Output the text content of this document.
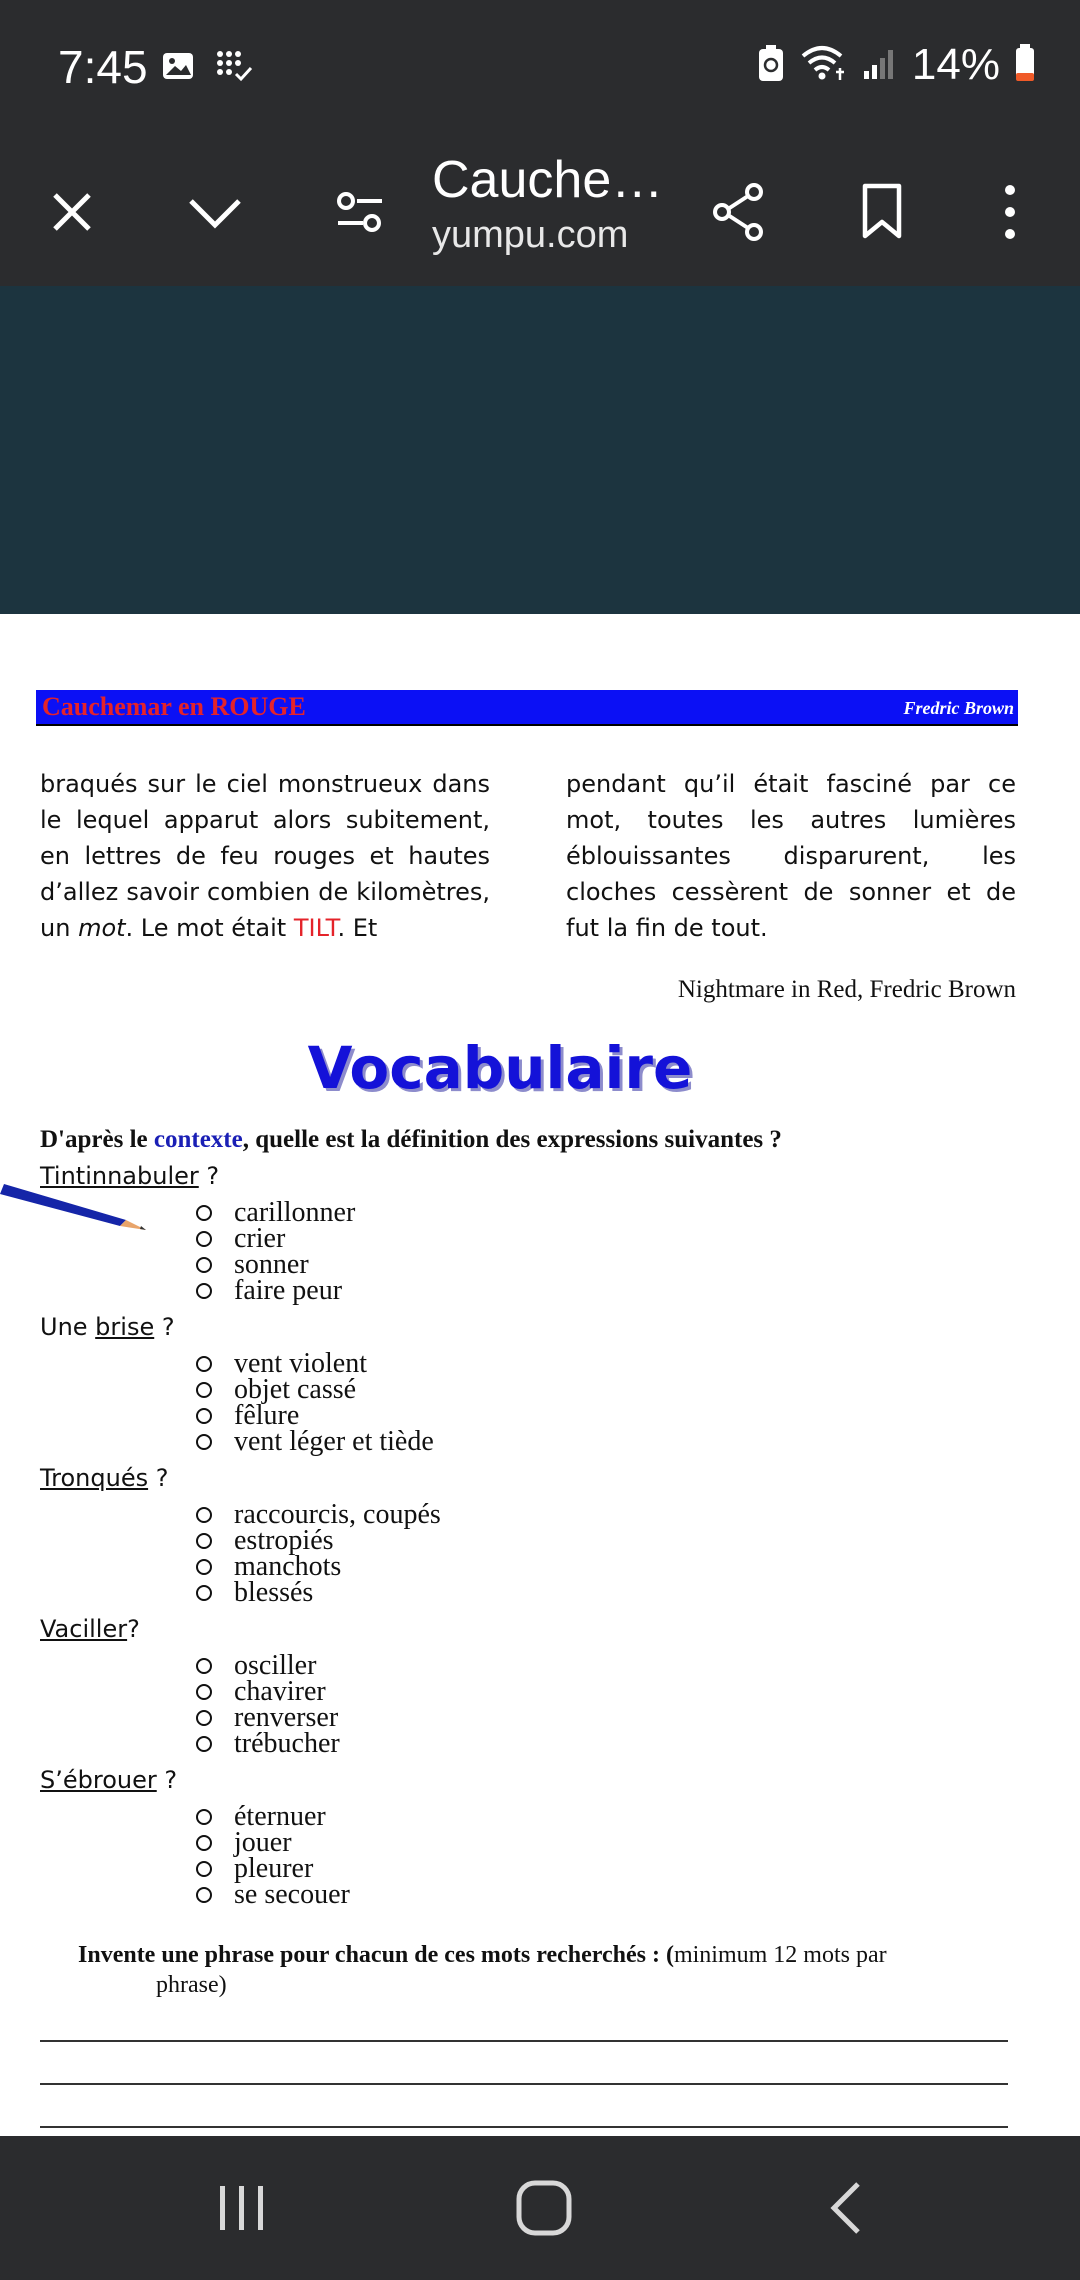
7:45	14%
Cauche…
yumpu.com
Cauchemar en ROUGE	Fredric Brown
braqués sur le ciel monstrueux dans le lequel apparut alors subitement, en lettres de feu rouges et hautes d’allez savoir combien de kilomètres, un mot. Le mot était TILT. Et
pendant qu’il était fasciné par ce mot, toutes les autres lumières éblouissantes disparurent, les cloches cessèrent de sonner et de fut la fin de tout.
Nightmare in Red, Fredric Brown
Vocabulaire
D'après le contexte, quelle est la définition des expressions suivantes ?
Tintinnabuler ?
carillonner
crier
sonner
faire peur
Une brise ?
vent violent
objet cassé
fêlure
vent léger et tiède
Tronqués ?
raccourcis, coupés
estropiés
manchots
blessés
Vaciller?
osciller
chavirer
renverser
trébucher
S’ébrouer ?
éternuer
jouer
pleurer
se secouer
Invente une phrase pour chacun de ces mots recherchés : (minimum 12 mots par
phrase)
